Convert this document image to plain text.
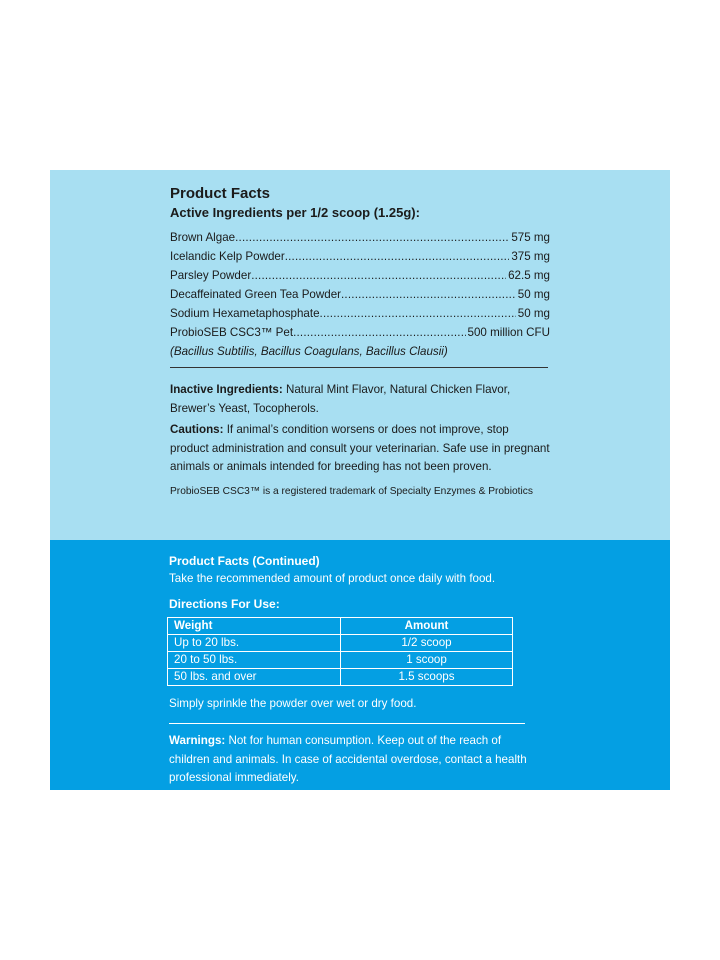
Product Facts
Active Ingredients per 1/2 scoop (1.25g):
Brown Algae .....	575 mg
Icelandic Kelp Powder .....	375 mg
Parsley Powder .....	62.5 mg
Decaffeinated Green Tea Powder .....	50 mg
Sodium Hexametaphosphate .....	50 mg
ProbioSEB CSC3™ Pet .....	500 million CFU
(Bacillus Subtilis, Bacillus Coagulans, Bacillus Clausii)

Inactive Ingredients: Natural Mint Flavor, Natural Chicken Flavor, Brewer’s Yeast, Tocopherols.

Cautions: If animal’s condition worsens or does not improve, stop product administration and consult your veterinarian. Safe use in pregnant animals or animals intended for breeding has not been proven.

ProbioSEB CSC3™ is a registered trademark of Specialty Enzymes & Probiotics

Product Facts (Continued)

Take the recommended amount of product once daily with food.

Directions For Use:
Weight	Amount
Up to 20 lbs.	1/2 scoop
20 to 50 lbs.	1 scoop
50 lbs. and over	1.5 scoops

Simply sprinkle the powder over wet or dry food.

Warnings: Not for human consumption. Keep out of the reach of children and animals. In case of accidental overdose, contact a health professional immediately.
